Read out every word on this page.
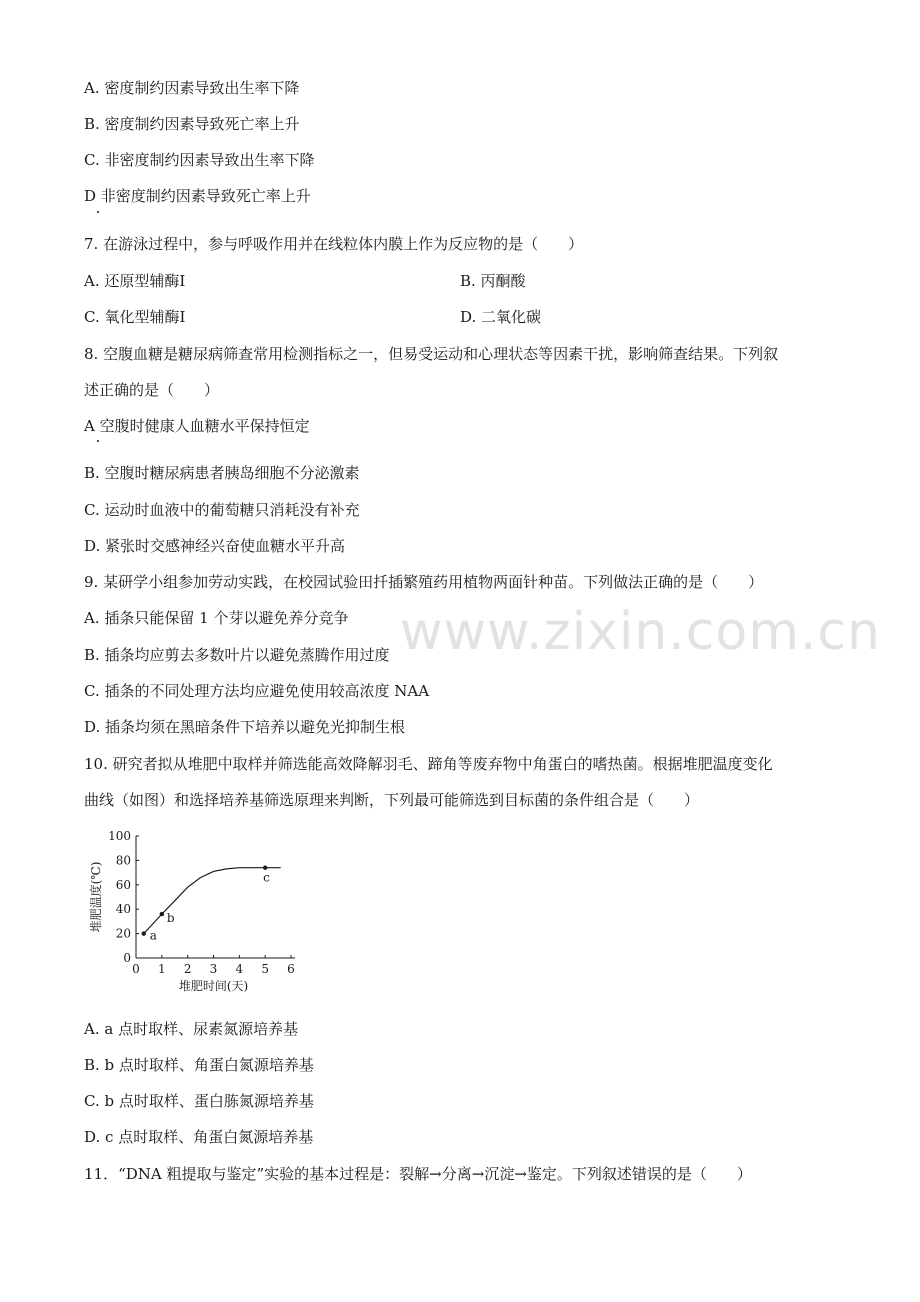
www.zixin.com.cn
A. 密度制约因素导致出生率下降
B. 密度制约因素导致死亡率上升
C. 非密度制约因素导致出生率下降
D 非密度制约因素导致死亡率上升
7. 在游泳过程中，参与呼吸作用并在线粒体内膜上作为反应物的是（　　）
A. 还原型辅酶Ⅰ	B. 丙酮酸
C. 氧化型辅酶Ⅰ	D. 二氧化碳
8. 空腹血糖是糖尿病筛查常用检测指标之一，但易受运动和心理状态等因素干扰，影响筛查结果。下列叙
述正确的是（　　）
A 空腹时健康人血糖水平保持恒定
B. 空腹时糖尿病患者胰岛细胞不分泌激素
C. 运动时血液中的葡萄糖只消耗没有补充
D. 紧张时交感神经兴奋使血糖水平升高
9. 某研学小组参加劳动实践，在校园试验田扦插繁殖药用植物两面针种苗。下列做法正确的是（　　）
A. 插条只能保留 1 个芽以避免养分竞争
B. 插条均应剪去多数叶片以避免蒸腾作用过度
C. 插条的不同处理方法均应避免使用较高浓度 NAA
D. 插条均须在黑暗条件下培养以避免光抑制生根
10. 研究者拟从堆肥中取样并筛选能高效降解羽毛、蹄角等废弃物中角蛋白的嗜热菌。根据堆肥温度变化
曲线（如图）和选择培养基筛选原理来判断，下列最可能筛选到目标菌的条件组合是（　　）
0
20
40
60
80
100
0 1 2 3 4 5 6
a
b
c
堆肥温度(℃)
堆肥时间(天)
A. a 点时取样、尿素氮源培养基
B. b 点时取样、角蛋白氮源培养基
C. b 点时取样、蛋白胨氮源培养基
D. c 点时取样、角蛋白氮源培养基
11．“DNA 粗提取与鉴定”实验的基本过程是：裂解→分离→沉淀→鉴定。下列叙述错误的是（　　）
